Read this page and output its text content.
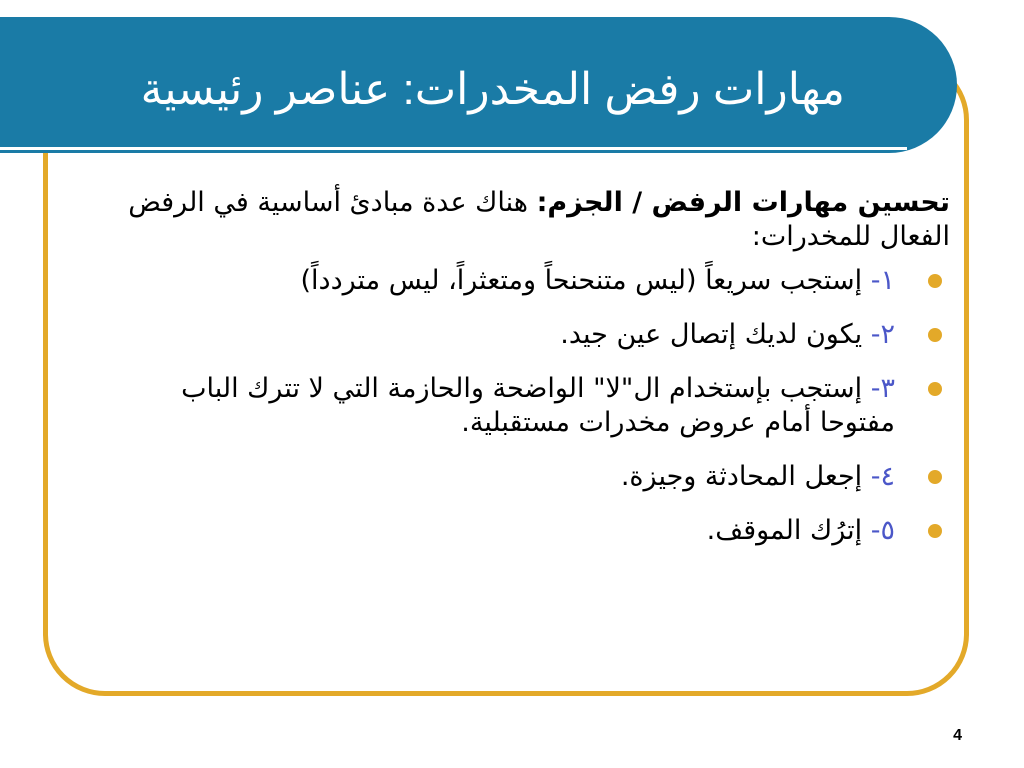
مهارات رفض المخدرات: عناصر رئيسية

تحسين مهارات الرفض / الجزم: هناك عدة مبادئ أساسية في الرفض الفعال للمخدرات:

١- إستجب سريعاً (ليس متنحنحاً ومتعثراً، ليس متردداً)
٢- يكون لديك إتصال عين جيد.
٣- إستجب بإستخدام ال"لا" الواضحة والحازمة التي لا تترك الباب مفتوحا أمام عروض مخدرات مستقبلية.
٤- إجعل المحادثة وجيزة.
٥- إترُك الموقف.
4
